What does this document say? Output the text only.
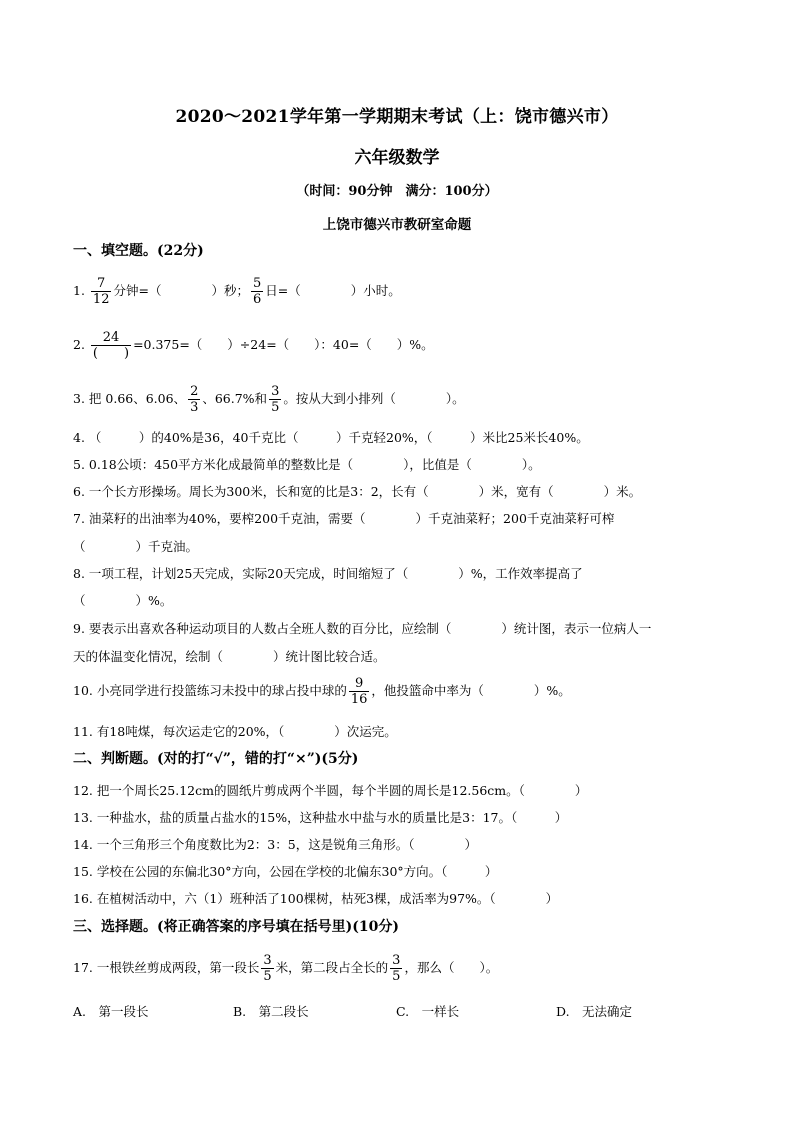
2020～2021学年第一学期期末考试（上：饶市德兴市）
六年级数学
（时间：90分钟　满分：100分）
上饶市德兴市教研室命题
一、填空题。(22分)
1. $\frac{7}{12}$ 分钟=（　　　　）秒； $\frac{5}{6}$ 日=（　　　　）小时。
2. $\frac{24}{( )} =0.375=$（　　）÷24=（　　）：40=（　　）%。
3. 把 0.66、6.06、 $\frac{2}{3}$ 、66.7%和 $\frac{3}{5}$ 。按从大到小排列（　　　　）。
4. （　　　）的40%是36，40千克比（　　　）千克轻20%，（　　　）米比25米长40%。
5. 0.18公顷：450平方米化成最简单的整数比是（　　　　），比值是（　　　　）。
6. 一个长方形操场。周长为300米，长和宽的比是3：2，长有（　　　　）米，宽有（　　　　）米。
7. 油菜籽的出油率为40%，要榨200千克油，需要（　　　　）千克油菜籽；200千克油菜籽可榨
（　　　　）千克油。
8. 一项工程，计划25天完成，实际20天完成，时间缩短了（　　　　）%，工作效率提高了
（　　　　）%。
9. 要表示出喜欢各种运动项目的人数占全班人数的百分比，应绘制（　　　　）统计图，表示一位病人一
天的体温变化情况，绘制（　　　　）统计图比较合适。
10. 小亮同学进行投篮练习未投中的球占投中球的 $\frac{9}{16}$ ，他投篮命中率为（　　　　）%。
11. 有18吨煤，每次运走它的20%，（　　　　）次运完。
二、判断题。(对的打“√”，错的打“×”)(5分)
12. 把一个周长25.12cm的圆纸片剪成两个半圆，每个半圆的周长是12.56cm。（　　　　）
13. 一种盐水，盐的质量占盐水的15%，这种盐水中盐与水的质量比是3：17。（　　　）
14. 一个三角形三个角度数比为2：3：5，这是锐角三角形。（　　　　）
15. 学校在公园的东偏北30°方向，公园在学校的北偏东30°方向。（　　　）
16. 在植树活动中，六（1）班种活了100棵树，枯死3棵，成活率为97%。（　　　　）
三、选择题。(将正确答案的序号填在括号里)(10分)
17. 一根铁丝剪成两段，第一段长 $\frac{3}{5}$ 米，第二段占全长的 $\frac{3}{5}$ ，那么（　　）。
A.　第一段长	B.　第二段长	C.　一样长	D.　无法确定
